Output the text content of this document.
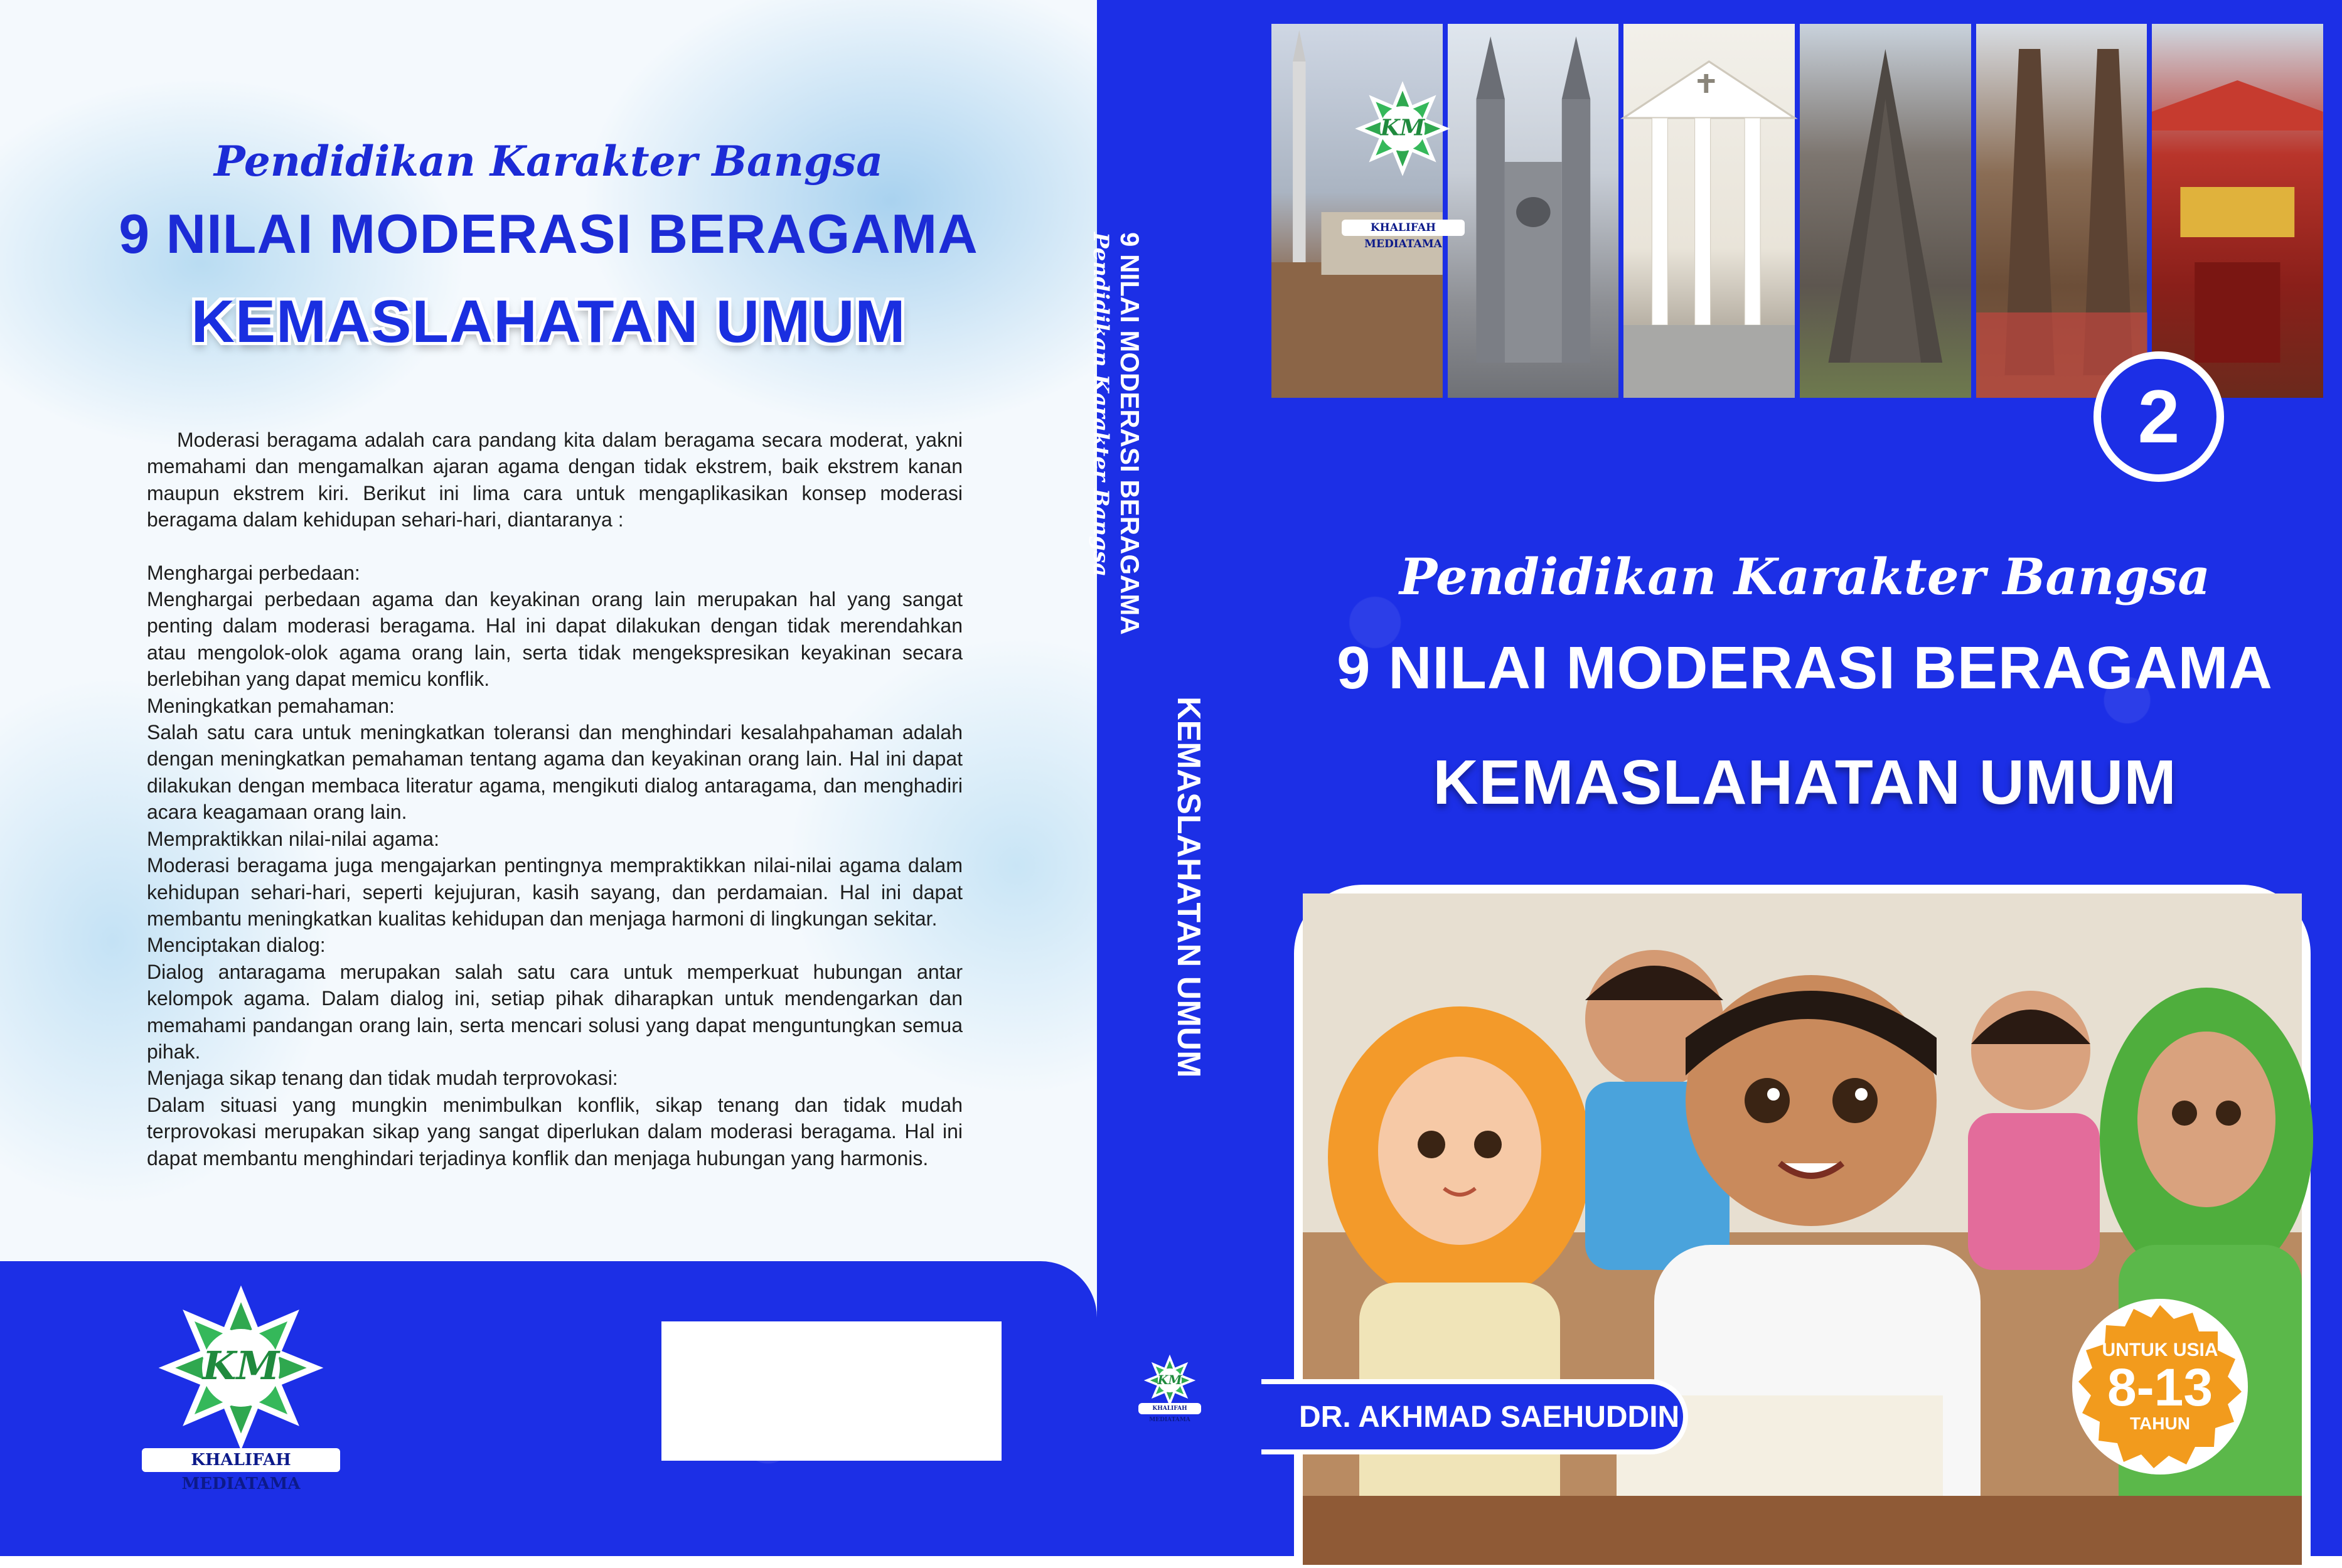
Pendidikan Karakter Bangsa
9 NILAI MODERASI BERAGAMA
KEMASLAHATAN UMUM

Moderasi beragama adalah cara pandang kita dalam beragama secara moderat, yakni memahami dan mengamalkan ajaran agama dengan tidak ekstrem, baik ekstrem kanan maupun ekstrem kiri. Berikut ini lima cara untuk mengaplikasikan konsep moderasi beragama dalam kehidupan sehari-hari, diantaranya :

Menghargai perbedaan:

Menghargai perbedaan agama dan keyakinan orang lain merupakan hal yang sangat penting dalam moderasi beragama. Hal ini dapat dilakukan dengan tidak merendahkan atau mengolok-olok agama orang lain, serta tidak mengekspresikan keyakinan secara berlebihan yang dapat memicu konflik.

Meningkatkan pemahaman:

Salah satu cara untuk meningkatkan toleransi dan menghindari kesalahpahaman adalah dengan meningkatkan pemahaman tentang agama dan keyakinan orang lain. Hal ini dapat dilakukan dengan membaca literatur agama, mengikuti dialog antaragama, dan menghadiri acara keagamaan orang lain.

Mempraktikkan nilai-nilai agama:

Moderasi beragama juga mengajarkan pentingnya mempraktikkan nilai-nilai agama dalam kehidupan sehari-hari, seperti kejujuran, kasih sayang, dan perdamaian. Hal ini dapat membantu meningkatkan kualitas kehidupan dan menjaga harmoni di lingkungan sekitar.

Menciptakan dialog:

Dialog antaragama merupakan salah satu cara untuk memperkuat hubungan antar kelompok agama. Dalam dialog ini, setiap pihak diharapkan untuk mendengarkan dan memahami pandangan orang lain, serta mencari solusi yang dapat menguntungkan semua pihak.

Menjaga sikap tenang dan tidak mudah terprovokasi:

Dalam situasi yang mungkin menimbulkan konflik, sikap tenang dan tidak mudah terprovokasi merupakan sikap yang sangat diperlukan dalam moderasi beragama. Hal ini dapat membantu menghindari terjadinya konflik dan menjaga hubungan yang harmonis.

KM
KHALIFAH MEDIATAMA
Pendidikan Karakter Bangsa 9 NILAI MODERASI BERAGAMA
KEMASLAHATAN UMUM
KM
KHALIFAH MEDIATAMA
KM
KHALIFAH MEDIATAMA
2
Pendidikan Karakter Bangsa
9 NILAI MODERASI BERAGAMA
KEMASLAHATAN UMUM
DR. AKHMAD SAEHUDDIN
UNTUK USIA
8-13
TAHUN
